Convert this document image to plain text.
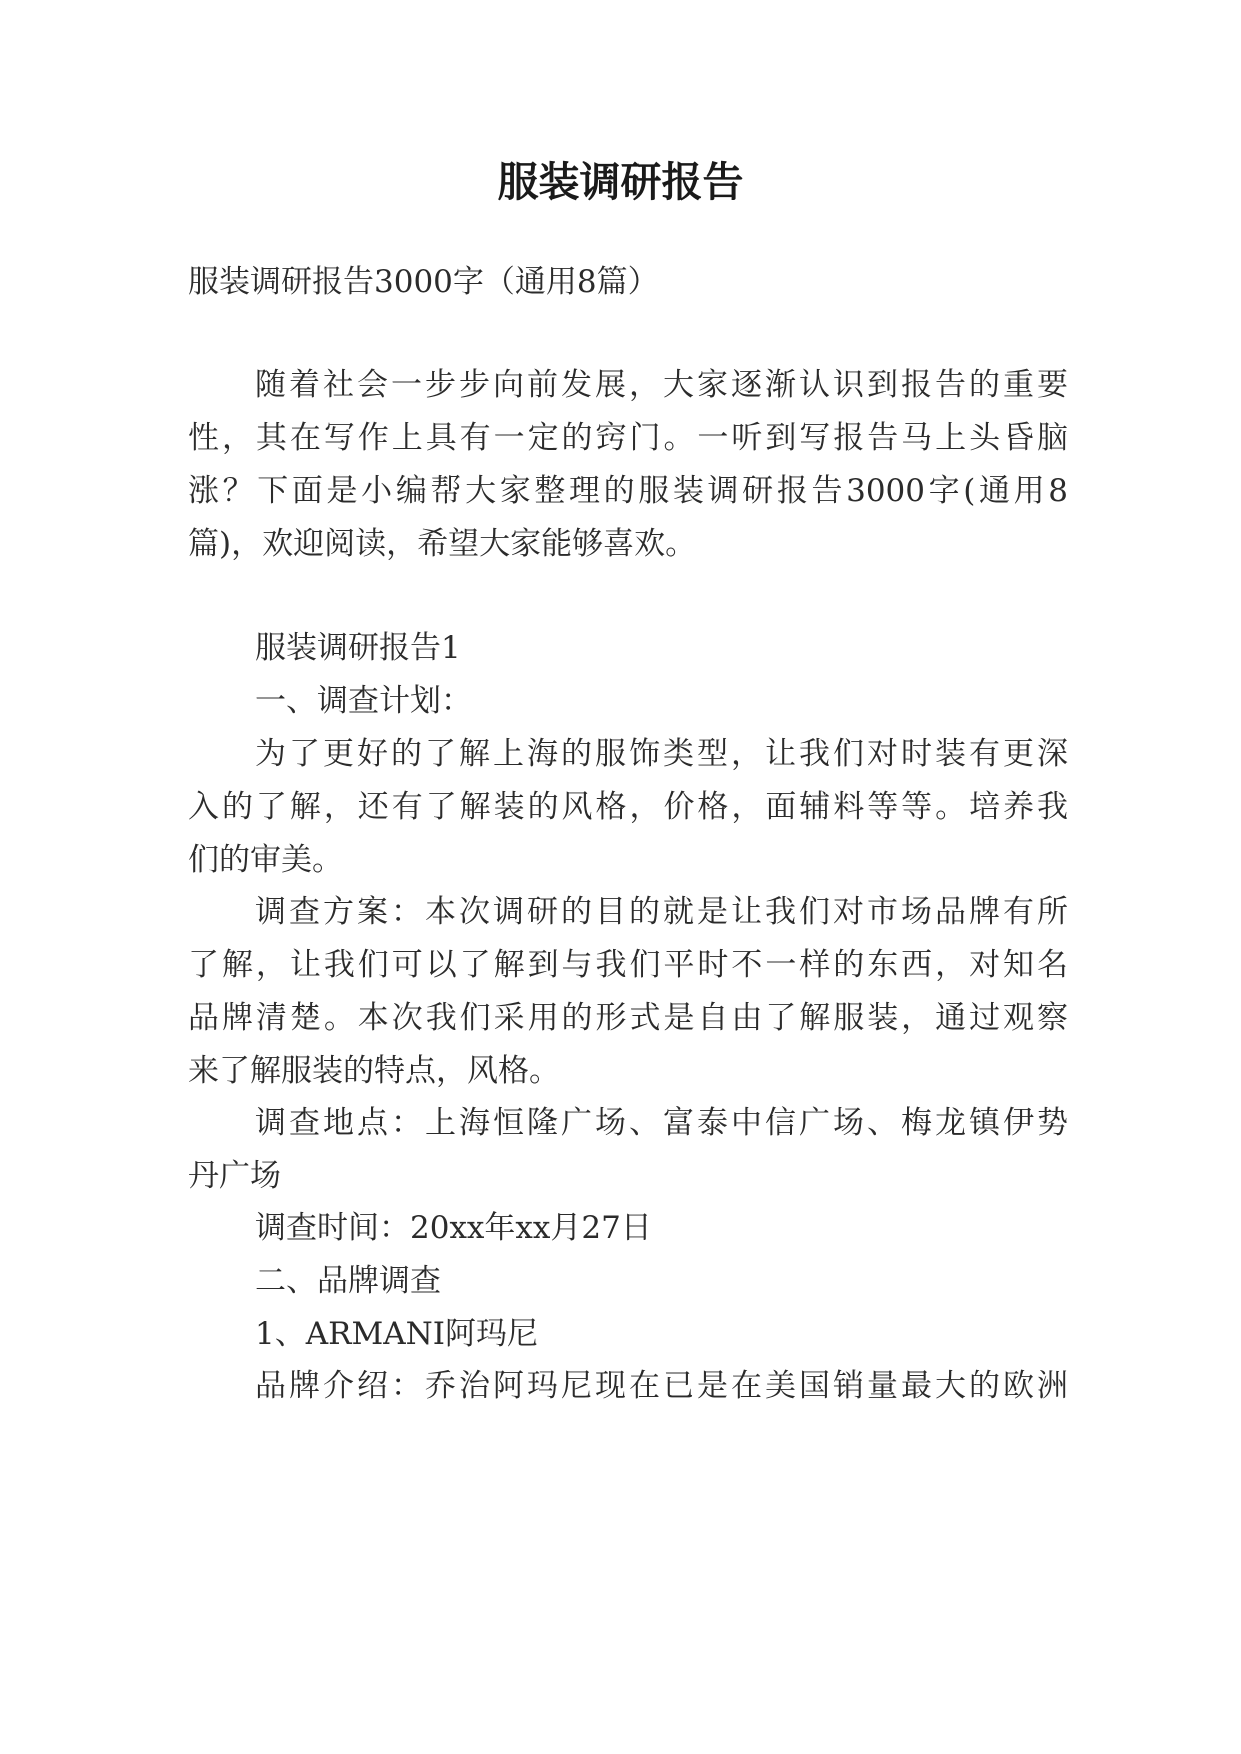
服装调研报告
服装调研报告3000字（通用8篇）
随着社会一步步向前发展，大家逐渐认识到报告的重要
性，其在写作上具有一定的窍门。一听到写报告马上头昏脑
涨？下面是小编帮大家整理的服装调研报告3000字(通用8
篇)，欢迎阅读，希望大家能够喜欢。
服装调研报告1
一、调查计划：
为了更好的了解上海的服饰类型，让我们对时装有更深
入的了解，还有了解装的风格，价格，面辅料等等。培养我
们的审美。
调查方案：本次调研的目的就是让我们对市场品牌有所
了解，让我们可以了解到与我们平时不一样的东西，对知名
品牌清楚。本次我们采用的形式是自由了解服装，通过观察
来了解服装的特点，风格。
调查地点：上海恒隆广场、富泰中信广场、梅龙镇伊势
丹广场
调查时间：20xx年xx月27日
二、品牌调查
1、ARMANI阿玛尼
品牌介绍：乔治阿玛尼现在已是在美国销量最大的欧洲
